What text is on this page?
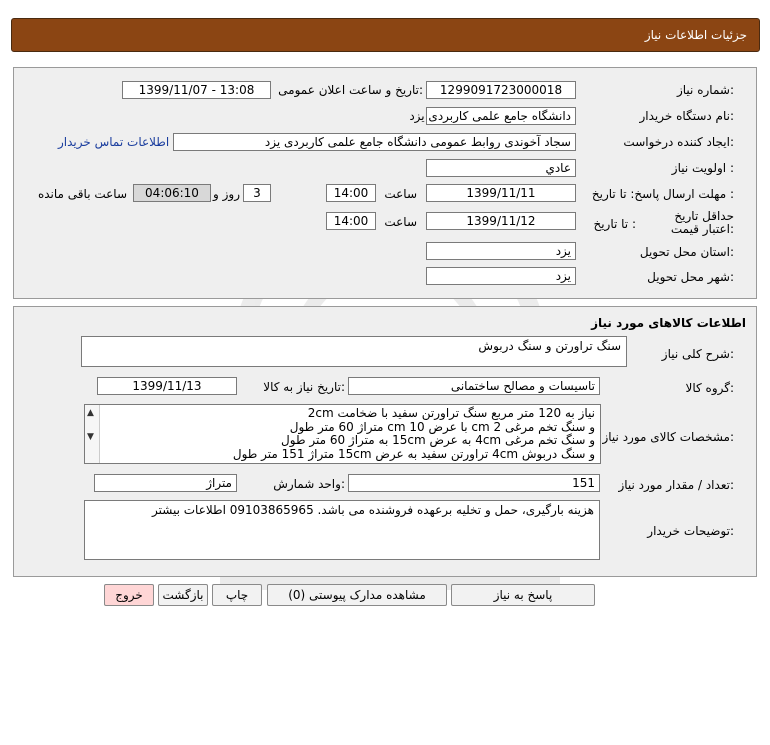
جزئیات اطلاعات نیاز
شماره نیاز:
1299091723000018
تاریخ و ساعت اعلان عمومی:
1399/11/07 - 13:08
نام دستگاه خریدار:
دانشگاه جامع علمی کاربردی یزد
ایجاد کننده درخواست:
سجاد آخوندی روابط عمومی دانشگاه جامع علمی کاربردی یزد
اطلاعات تماس خریدار
اولویت نیاز :
عادي
مهلت ارسال پاسخ: تا تاریخ :
1399/11/11
ساعت
14:00
3
روز و
04:06:10
ساعت باقی مانده
حداقل تاریخ اعتبار قیمت:
تا تاریخ :
1399/11/12
ساعت
14:00
استان محل تحویل:
یزد
شهر محل تحویل:
یزد
اطلاعات کالاهای مورد نیاز
شرح کلی نیاز:
سنگ تراورتن و سنگ دربوش
گروه کالا:
تاسیسات و مصالح ساختمانی
تاریخ نیاز به کالا:
1399/11/13
مشخصات کالای مورد نیاز:
نیاز به 120 متر مربع سنگ تراورتن سفید با ضخامت 2cm
و سنگ تخم مرغی 2 cm با عرض 10 cm متراژ 60 متر طول
و سنگ تخم مرغی 4cm به عرض 15cm به متراژ 60 متر طول
و سنگ دربوش 4cm تراورتن سفید به عرض 15cm متراژ 151 متر طول
▲
▼
تعداد / مقدار مورد نیاز:
151
واحد شمارش:
متراژ
توضیحات خریدار:
هزینه بارگیری، حمل و تخلیه برعهده فروشنده می باشد. 09103865965 اطلاعات بیشتر
پاسخ به نیاز
مشاهده مدارک پیوستی (0)
چاپ
بازگشت
خروج
